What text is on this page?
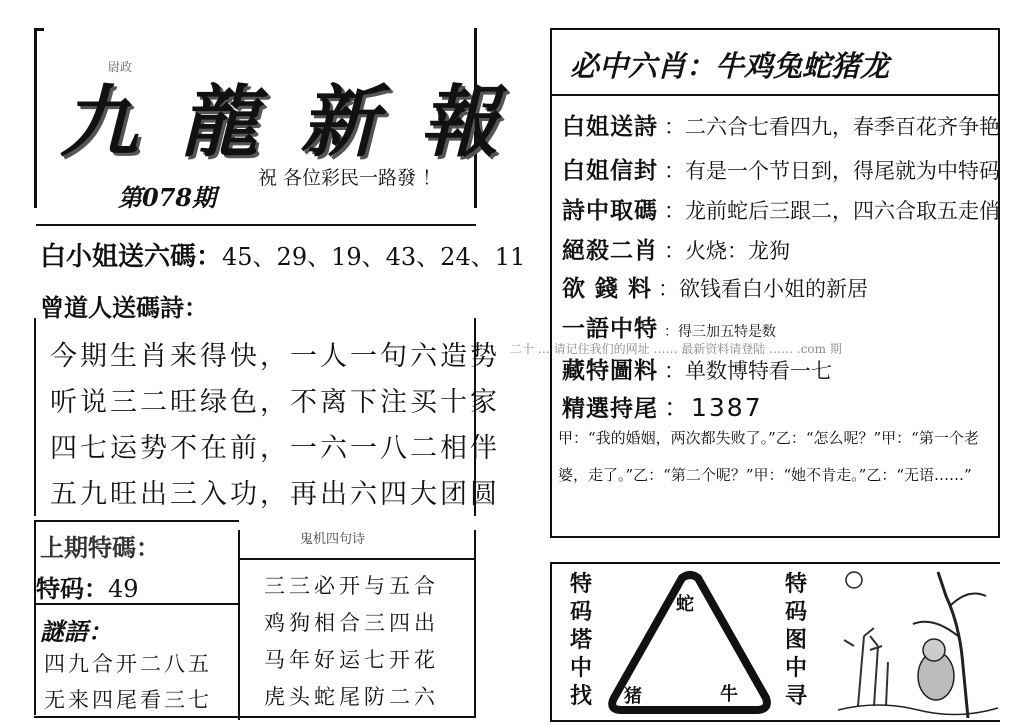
尉政
九龍新報
第078期
祝 各位彩民一路發 ！
白小姐送六碼：45、29、19、43、24、11
曾道人送碼詩：
今期生肖来得快，一人一句六造势
听说三二旺绿色，不离下注买十家
四七运势不在前，一六一八二相伴
五九旺出三入功，再出六四大团圆
上期特碼：
特码：49
謎語：
四九合开二八五
无来四尾看三七
鬼机四句诗
三三必开与五合
鸡狗相合三四出
马年好运七开花
虎头蛇尾防二六
必中六肖：牛鸡兔蛇猪龙
白姐送詩 ：二六合七看四九，春季百花齐争艳
白姐信封 ：有是一个节日到，得尾就为中特码
詩中取碼 ：龙前蛇后三跟二，四六合取五走俏
絕殺二肖 ：火烧：龙狗
欲 錢 料 ：欲钱看白小姐的新居
一語中特 ：得三加五特是数
二十 … 请记住我们的网址 …… 最新资料请登陆 …… .com 期
藏特圖料 ：单数博特看一七
精選持尾 ：1387
甲：“我的婚姻，两次都失败了。”乙：“怎么呢？”甲：“第一个老婆，走了。”乙：“第二个呢？”甲：“她不肯走。”乙：“无语……”
特码塔中找
特码图中寻
蛇
猪	牛
